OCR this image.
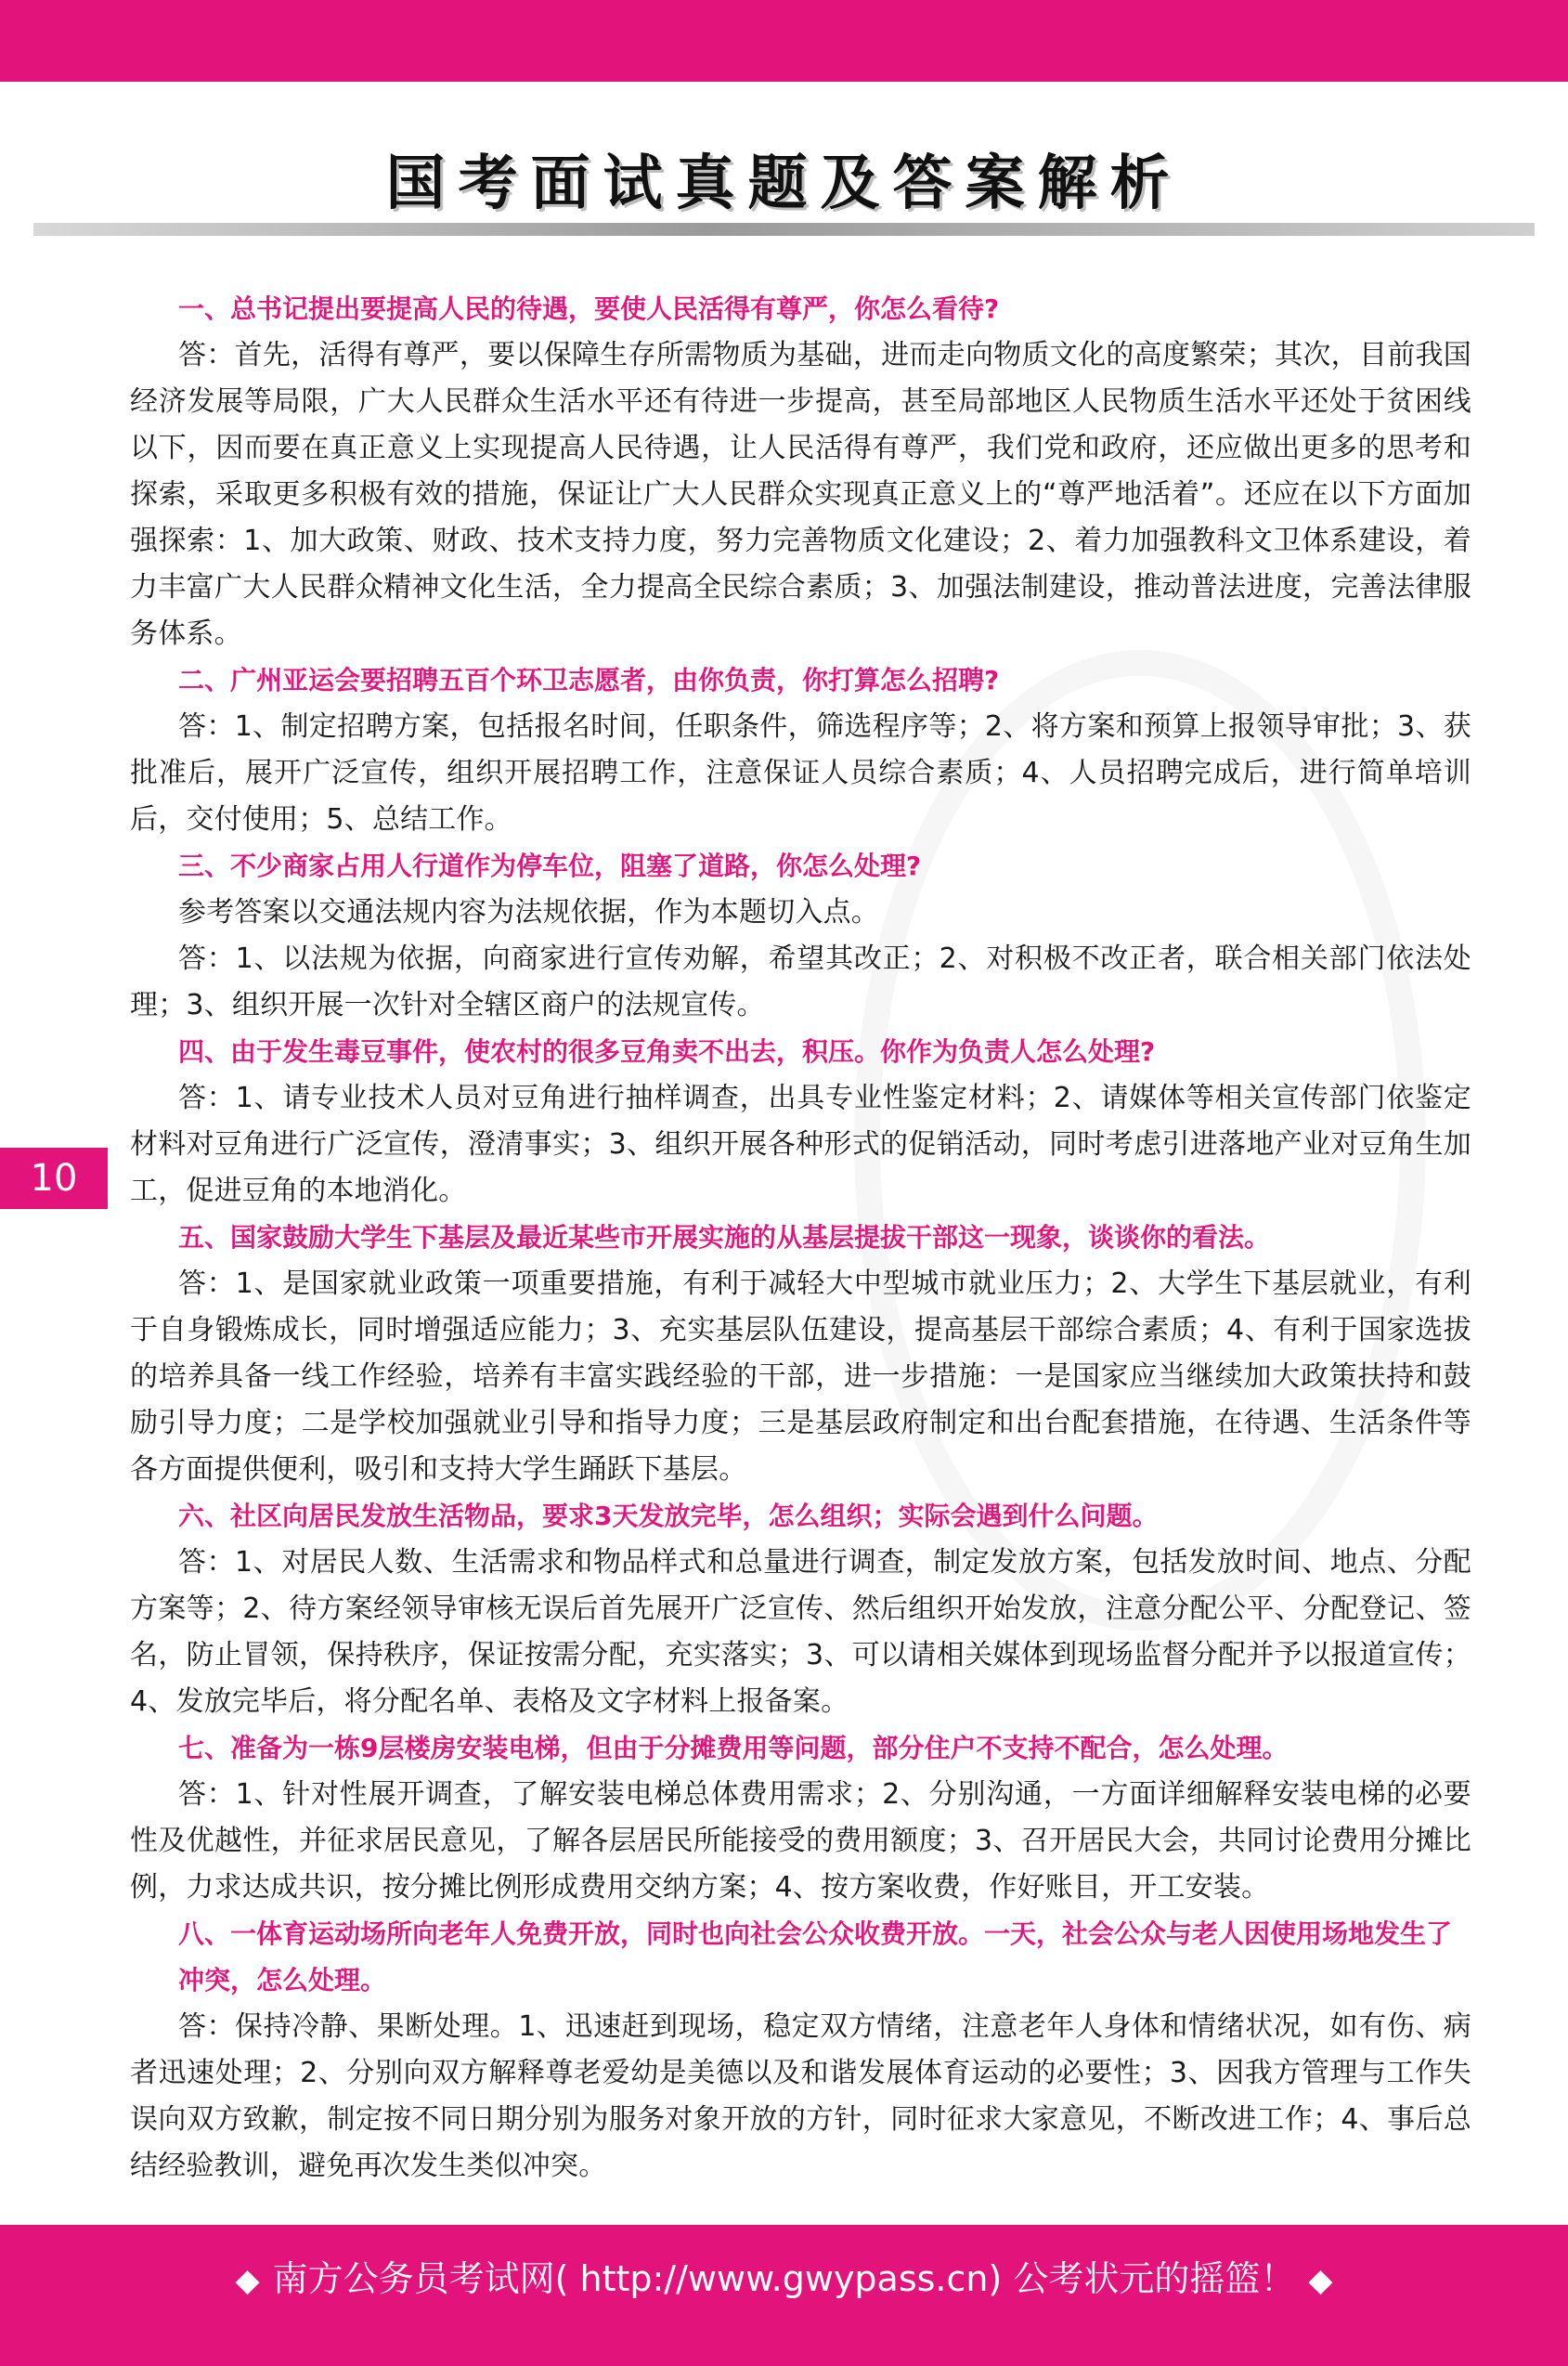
国考面试真题及答案解析
10

一、总书记提出要提高人民的待遇，要使人民活得有尊严，你怎么看待?

答：首先，活得有尊严，要以保障生存所需物质为基础，进而走向物质文化的高度繁荣；其次，目前我国经济发展等局限，广大人民群众生活水平还有待进一步提高，甚至局部地区人民物质生活水平还处于贫困线以下，因而要在真正意义上实现提高人民待遇，让人民活得有尊严，我们党和政府，还应做出更多的思考和探索，采取更多积极有效的措施，保证让广大人民群众实现真正意义上的“尊严地活着”。还应在以下方面加强探索：1、加大政策、财政、技术支持力度，努力完善物质文化建设；2、着力加强教科文卫体系建设，着力丰富广大人民群众精神文化生活，全力提高全民综合素质；3、加强法制建设，推动普法进度，完善法律服务体系。

二、广州亚运会要招聘五百个环卫志愿者，由你负责，你打算怎么招聘?

答：1、制定招聘方案，包括报名时间，任职条件，筛选程序等；2、将方案和预算上报领导审批；3、获批准后，展开广泛宣传，组织开展招聘工作，注意保证人员综合素质；4、人员招聘完成后，进行简单培训后，交付使用；5、总结工作。

三、不少商家占用人行道作为停车位，阻塞了道路，你怎么处理?

参考答案以交通法规内容为法规依据，作为本题切入点。

答：1、以法规为依据，向商家进行宣传劝解，希望其改正；2、对积极不改正者，联合相关部门依法处理；3、组织开展一次针对全辖区商户的法规宣传。

四、由于发生毒豆事件，使农村的很多豆角卖不出去，积压。你作为负责人怎么处理?

答：1、请专业技术人员对豆角进行抽样调查，出具专业性鉴定材料；2、请媒体等相关宣传部门依鉴定材料对豆角进行广泛宣传，澄清事实；3、组织开展各种形式的促销活动，同时考虑引进落地产业对豆角生加工，促进豆角的本地消化。

五、国家鼓励大学生下基层及最近某些市开展实施的从基层提拔干部这一现象，谈谈你的看法。

答：1、是国家就业政策一项重要措施，有利于减轻大中型城市就业压力；2、大学生下基层就业，有利于自身锻炼成长，同时增强适应能力；3、充实基层队伍建设，提高基层干部综合素质；4、有利于国家选拔的培养具备一线工作经验，培养有丰富实践经验的干部，进一步措施：一是国家应当继续加大政策扶持和鼓励引导力度；二是学校加强就业引导和指导力度；三是基层政府制定和出台配套措施，在待遇、生活条件等各方面提供便利，吸引和支持大学生踊跃下基层。

六、社区向居民发放生活物品，要求3天发放完毕，怎么组织；实际会遇到什么问题。

答：1、对居民人数、生活需求和物品样式和总量进行调查，制定发放方案，包括发放时间、地点、分配方案等；2、待方案经领导审核无误后首先展开广泛宣传、然后组织开始发放，注意分配公平、分配登记、签名，防止冒领，保持秩序，保证按需分配，充实落实；3、可以请相关媒体到现场监督分配并予以报道宣传；4、发放完毕后，将分配名单、表格及文字材料上报备案。

七、准备为一栋9层楼房安装电梯，但由于分摊费用等问题，部分住户不支持不配合，怎么处理。

答：1、针对性展开调查，了解安装电梯总体费用需求；2、分别沟通，一方面详细解释安装电梯的必要性及优越性，并征求居民意见，了解各层居民所能接受的费用额度；3、召开居民大会，共同讨论费用分摊比例，力求达成共识，按分摊比例形成费用交纳方案；4、按方案收费，作好账目，开工安装。

八、一体育运动场所向老年人免费开放，同时也向社会公众收费开放。一天，社会公众与老人因使用场地发生了冲突，怎么处理。

答：保持冷静、果断处理。1、迅速赶到现场，稳定双方情绪，注意老年人身体和情绪状况，如有伤、病者迅速处理；2、分别向双方解释尊老爱幼是美德以及和谐发展体育运动的必要性；3、因我方管理与工作失误向双方致歉，制定按不同日期分别为服务对象开放的方针，同时征求大家意见，不断改进工作；4、事后总结经验教训，避免再次发生类似冲突。

◆ 南方公务员考试网( http://www.gwypass.cn) 公考状元的摇篮！ ◆
